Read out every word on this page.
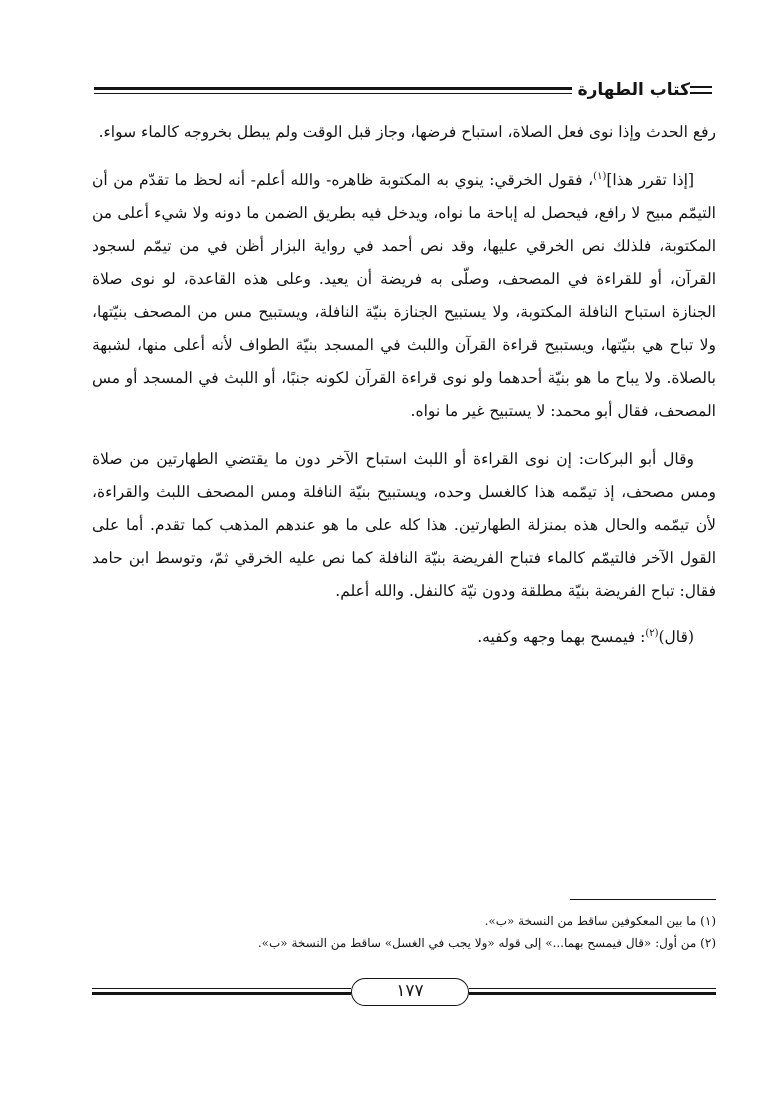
كتاب الطهارة

رفع الحدث وإذا نوى فعل الصلاة، استباح فرضها، وجاز قبل الوقت ولم يبطل بخروجه كالماء سواء.

[إذا تقرر هذا]$^{(١)}$، فقول الخرقي: ينوي به المكتوبة ظاهره- والله أعلم- أنه لحظ ما تقدّم من أن التيمّم مبيح لا رافع، فيحصل له إباحة ما نواه، ويدخل فيه بطريق الضمن ما دونه ولا شيء أعلى من المكتوبة، فلذلك نص الخرقي عليها، وقد نص أحمد في رواية البزار أظن في من تيمّم لسجود القرآن، أو للقراءة في المصحف، وصلّى به فريضة أن يعيد. وعلى هذه القاعدة، لو نوى صلاة الجنازة استباح النافلة المكتوبة، ولا يستبيح الجنازة بنيّة النافلة، ويستبيح مس من المصحف بنيّتها، ولا تباح هي بنيّتها، ويستبيح قراءة القرآن واللبث في المسجد بنيّة الطواف لأنه أعلى منها، لشبهة بالصلاة. ولا يباح ما هو بنيّة أحدهما ولو نوى قراءة القرآن لكونه جنبًا، أو اللبث في المسجد أو مس المصحف، فقال أبو محمد: لا يستبيح غير ما نواه.

وقال أبو البركات: إن نوى القراءة أو اللبث استباح الآخر دون ما يقتضي الطهارتين من صلاة ومس مصحف، إذ تيمّمه هذا كالغسل وحده، ويستبيح بنيّة النافلة ومس المصحف اللبث والقراءة، لأن تيمّمه والحال هذه بمنزلة الطهارتين. هذا كله على ما هو عندهم المذهب كما تقدم. أما على القول الآخر فالتيمّم كالماء فتباح الفريضة بنيّة النافلة كما نص عليه الخرقي ثمّ، وتوسط ابن حامد فقال: تباح الفريضة بنيّة مطلقة ودون نيّة كالنفل. والله أعلم.

(قال)$^{(٢)}$: فيمسح بهما وجهه وكفيه.

(١) ما بين المعكوفين ساقط من النسخة «ب».

(٢) من أول: «قال فيمسح بهما...» إلى قوله «ولا يجب في الغسل» ساقط من النسخة «ب».

١٧٧
